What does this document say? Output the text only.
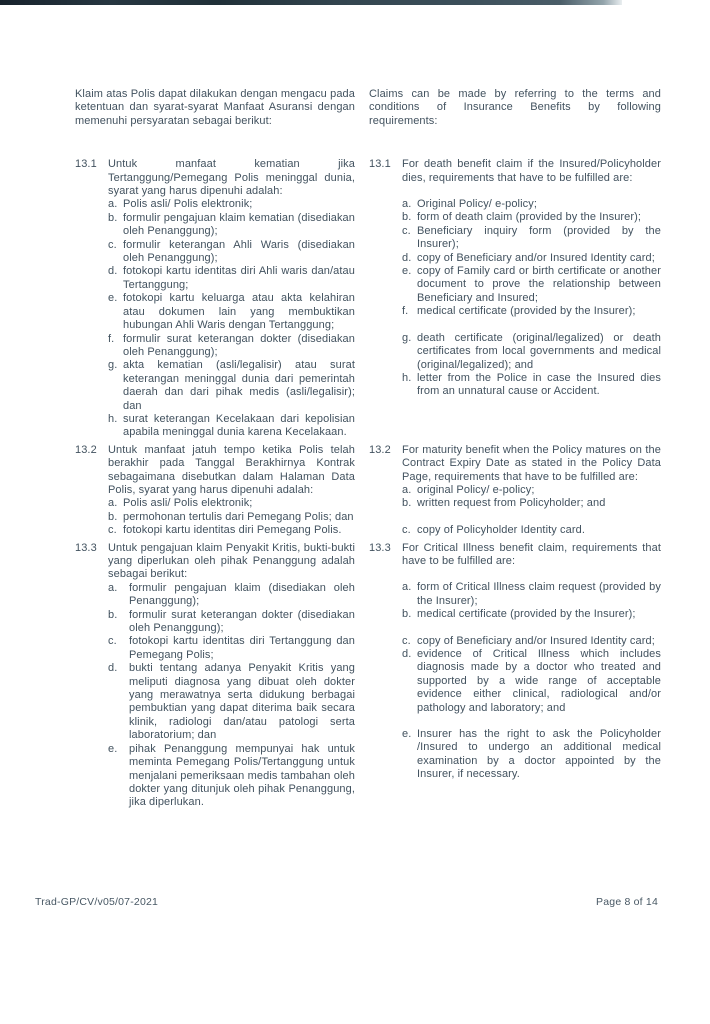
Klaim atas Polis dapat dilakukan dengan mengacu pada ketentuan dan syarat-syarat Manfaat Asuransi dengan memenuhi persyaratan sebagai berikut:

Claims can be made by referring to the terms and conditions of Insurance Benefits by following requirements:

13.1	Untuk manfaat kematian jika Tertanggung/Pemegang Polis meninggal dunia, syarat yang harus dipenuhi adalah:

a. Polis asli/ Polis elektronik;
b. formulir pengajuan klaim kematian (disediakan oleh Penanggung);
c. formulir keterangan Ahli Waris (disediakan oleh Penanggung);
d. fotokopi kartu identitas diri Ahli waris dan/atau Tertanggung;
e. fotokopi kartu keluarga atau akta kelahiran atau dokumen lain yang membuktikan hubungan Ahli Waris dengan Tertanggung;
f. formulir surat keterangan dokter (disediakan oleh Penanggung);
g. akta kematian (asli/legalisir) atau surat keterangan meninggal dunia dari pemerintah daerah dan dari pihak medis (asli/legalisir); dan
h. surat keterangan Kecelakaan dari kepolisian apabila meninggal dunia karena Kecelakaan.
13.1	For death benefit claim if the Insured/Policyholder dies, requirements that have to be fulfilled are:

a. Original Policy/ e-policy;
b. form of death claim (provided by the Insurer);
c. Beneficiary inquiry form (provided by the Insurer);
d. copy of Beneficiary and/or Insured Identity card;
e. copy of Family card or birth certificate or another document to prove the relationship between Beneficiary and Insured;
f. medical certificate (provided by the Insurer);
g. death certificate (original/legalized) or death certificates from local governments and medical (original/legalized); and
h. letter from the Police in case the Insured dies from an unnatural cause or Accident.
13.2	Untuk manfaat jatuh tempo ketika Polis telah berakhir pada Tanggal Berakhirnya Kontrak sebagaimana disebutkan dalam Halaman Data Polis, syarat yang harus dipenuhi adalah:

a. Polis asli/ Polis elektronik;
b. permohonan tertulis dari Pemegang Polis; dan
c. fotokopi kartu identitas diri Pemegang Polis.
13.2	For maturity benefit when the Policy matures on the Contract Expiry Date as stated in the Policy Data Page, requirements that have to be fulfilled are:

a. original Policy/ e-policy;
b. written request from Policyholder; and
c. copy of Policyholder Identity card.
13.3	Untuk pengajuan klaim Penyakit Kritis, bukti-bukti yang diperlukan oleh pihak Penanggung adalah sebagai berikut:

a.	formulir pengajuan klaim (disediakan oleh Penanggung);
b.	formulir surat keterangan dokter (disediakan oleh Penanggung);
c.	fotokopi kartu identitas diri Tertanggung dan Pemegang Polis;
d.	bukti tentang adanya Penyakit Kritis yang meliputi diagnosa yang dibuat oleh dokter yang merawatnya serta didukung berbagai pembuktian yang dapat diterima baik secara klinik, radiologi dan/atau patologi serta laboratorium; dan
e.	pihak Penanggung mempunyai hak untuk meminta Pemegang Polis/Tertanggung untuk menjalani pemeriksaan medis tambahan oleh dokter yang ditunjuk oleh pihak Penanggung, jika diperlukan.
13.3	For Critical Illness benefit claim, requirements that have to be fulfilled are:

a. form of Critical Illness claim request (provided by the Insurer);
b. medical certificate (provided by the Insurer);
c. copy of Beneficiary and/or Insured Identity card;
d. evidence of Critical Illness which includes diagnosis made by a doctor who treated and supported by a wide range of acceptable evidence either clinical, radiological and/or pathology and laboratory; and
e. Insurer has the right to ask the Policyholder /Insured to undergo an additional medical examination by a doctor appointed by the Insurer, if necessary.
Trad-GP/CV/v05/07-2021	Page 8 of 14
